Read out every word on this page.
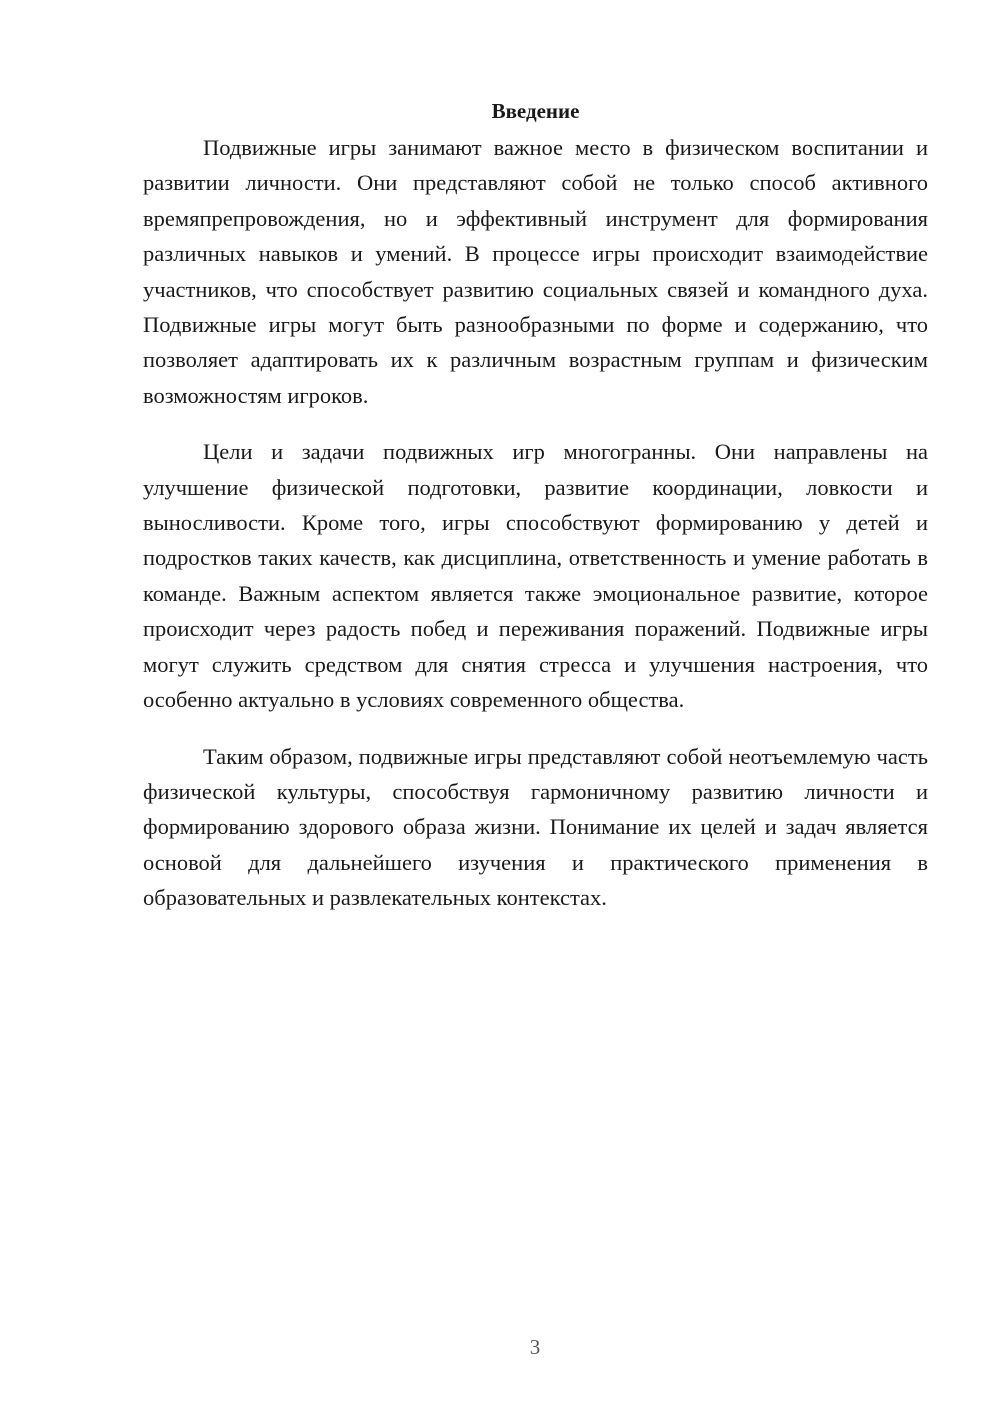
Введение

Подвижные игры занимают важное место в физическом воспитании и развитии личности. Они представляют собой не только способ активного времяпрепровождения, но и эффективный инструмент для формирования различных навыков и умений. В процессе игры происходит взаимодействие участников, что способствует развитию социальных связей и командного духа. Подвижные игры могут быть разнообразными по форме и содержанию, что позволяет адаптировать их к различным возрастным группам и физическим возможностям игроков.

Цели и задачи подвижных игр многогранны. Они направлены на улучшение физической подготовки, развитие координации, ловкости и выносливости. Кроме того, игры способствуют формированию у детей и подростков таких качеств, как дисциплина, ответственность и умение работать в команде. Важным аспектом является также эмоциональное развитие, которое происходит через радость побед и переживания поражений. Подвижные игры могут служить средством для снятия стресса и улучшения настроения, что особенно актуально в условиях современного общества.

Таким образом, подвижные игры представляют собой неотъемлемую часть физической культуры, способствуя гармоничному развитию личности и формированию здорового образа жизни. Понимание их целей и задач является основой для дальнейшего изучения и практического применения в образовательных и развлекательных контекстах.

3
